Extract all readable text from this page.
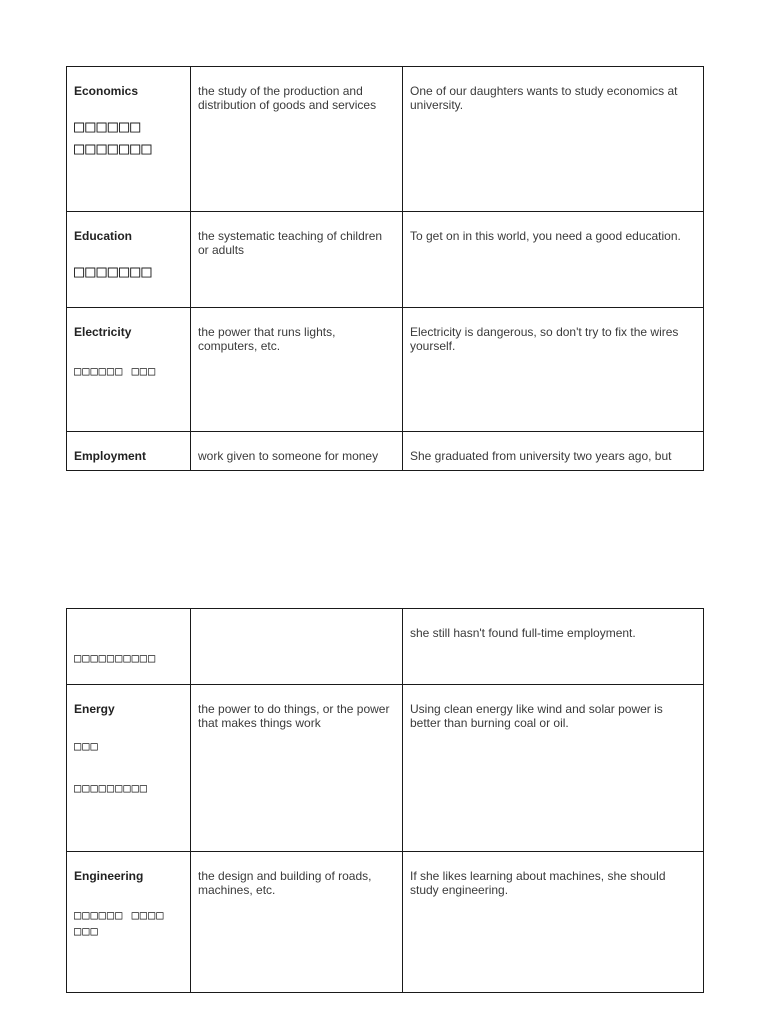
Economics
□□□□□□ □□□□□□□	the study of the production and distribution of goods and services	One of our daughters wants to study economics at university.

Education
□□□□□□□	the systematic teaching of children or adults	To get on in this world, you need a good education.

Electricity
□□□□□□ □□□	the power that runs lights, computers, etc.	Electricity is dangerous, so don't try to fix the wires yourself.

Employment	work given to someone for money	She graduated from university two years ago, but
□□□□□□□□□□		she still hasn't found full-time employment.

Energy
□□□
□□□□□□□□□	the power to do things, or the power that makes things work	Using clean energy like wind and solar power is better than burning coal or oil.

Engineering
□□□□□□ □□□□ □□□	the design and building of roads, machines, etc.	If she likes learning about machines, she should study engineering.
